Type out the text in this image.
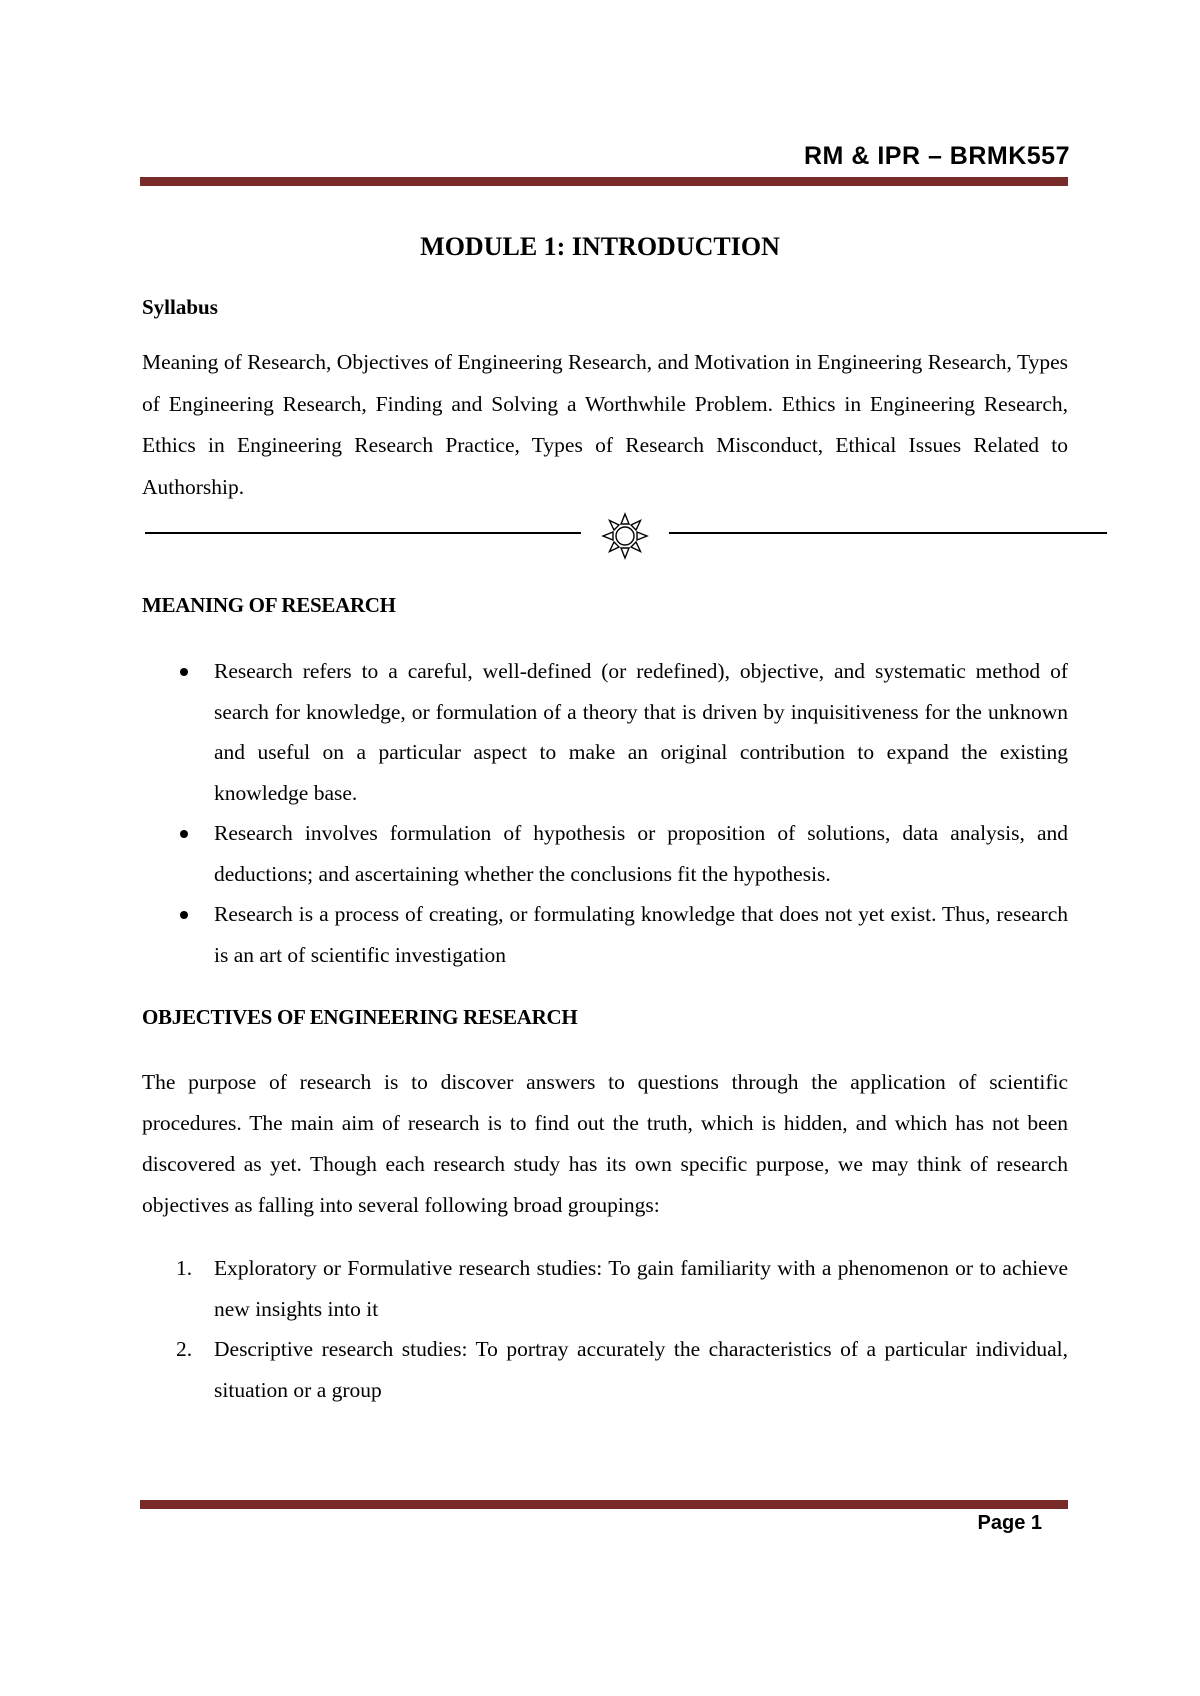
RM & IPR – BRMK557
MODULE 1: INTRODUCTION
Syllabus

Meaning of Research, Objectives of Engineering Research, and Motivation in Engineering Research, Types of Engineering Research, Finding and Solving a Worthwhile Problem. Ethics in Engineering Research, Ethics in Engineering Research Practice, Types of Research Misconduct, Ethical Issues Related to Authorship.

MEANING OF RESEARCH
Research refers to a careful, well-defined (or redefined), objective, and systematic method of search for knowledge, or formulation of a theory that is driven by inquisitiveness for the unknown and useful on a particular aspect to make an original contribution to expand the existing knowledge base.
Research involves formulation of hypothesis or proposition of solutions, data analysis, and deductions; and ascertaining whether the conclusions fit the hypothesis.
Research is a process of creating, or formulating knowledge that does not yet exist. Thus, research is an art of scientific investigation
OBJECTIVES OF ENGINEERING RESEARCH

The purpose of research is to discover answers to questions through the application of scientific procedures. The main aim of research is to find out the truth, which is hidden, and which has not been discovered as yet. Though each research study has its own specific purpose, we may think of research objectives as falling into several following broad groupings:

1. Exploratory or Formulative research studies: To gain familiarity with a phenomenon or to achieve new insights into it
2. Descriptive research studies: To portray accurately the characteristics of a particular individual, situation or a group
Page 1
